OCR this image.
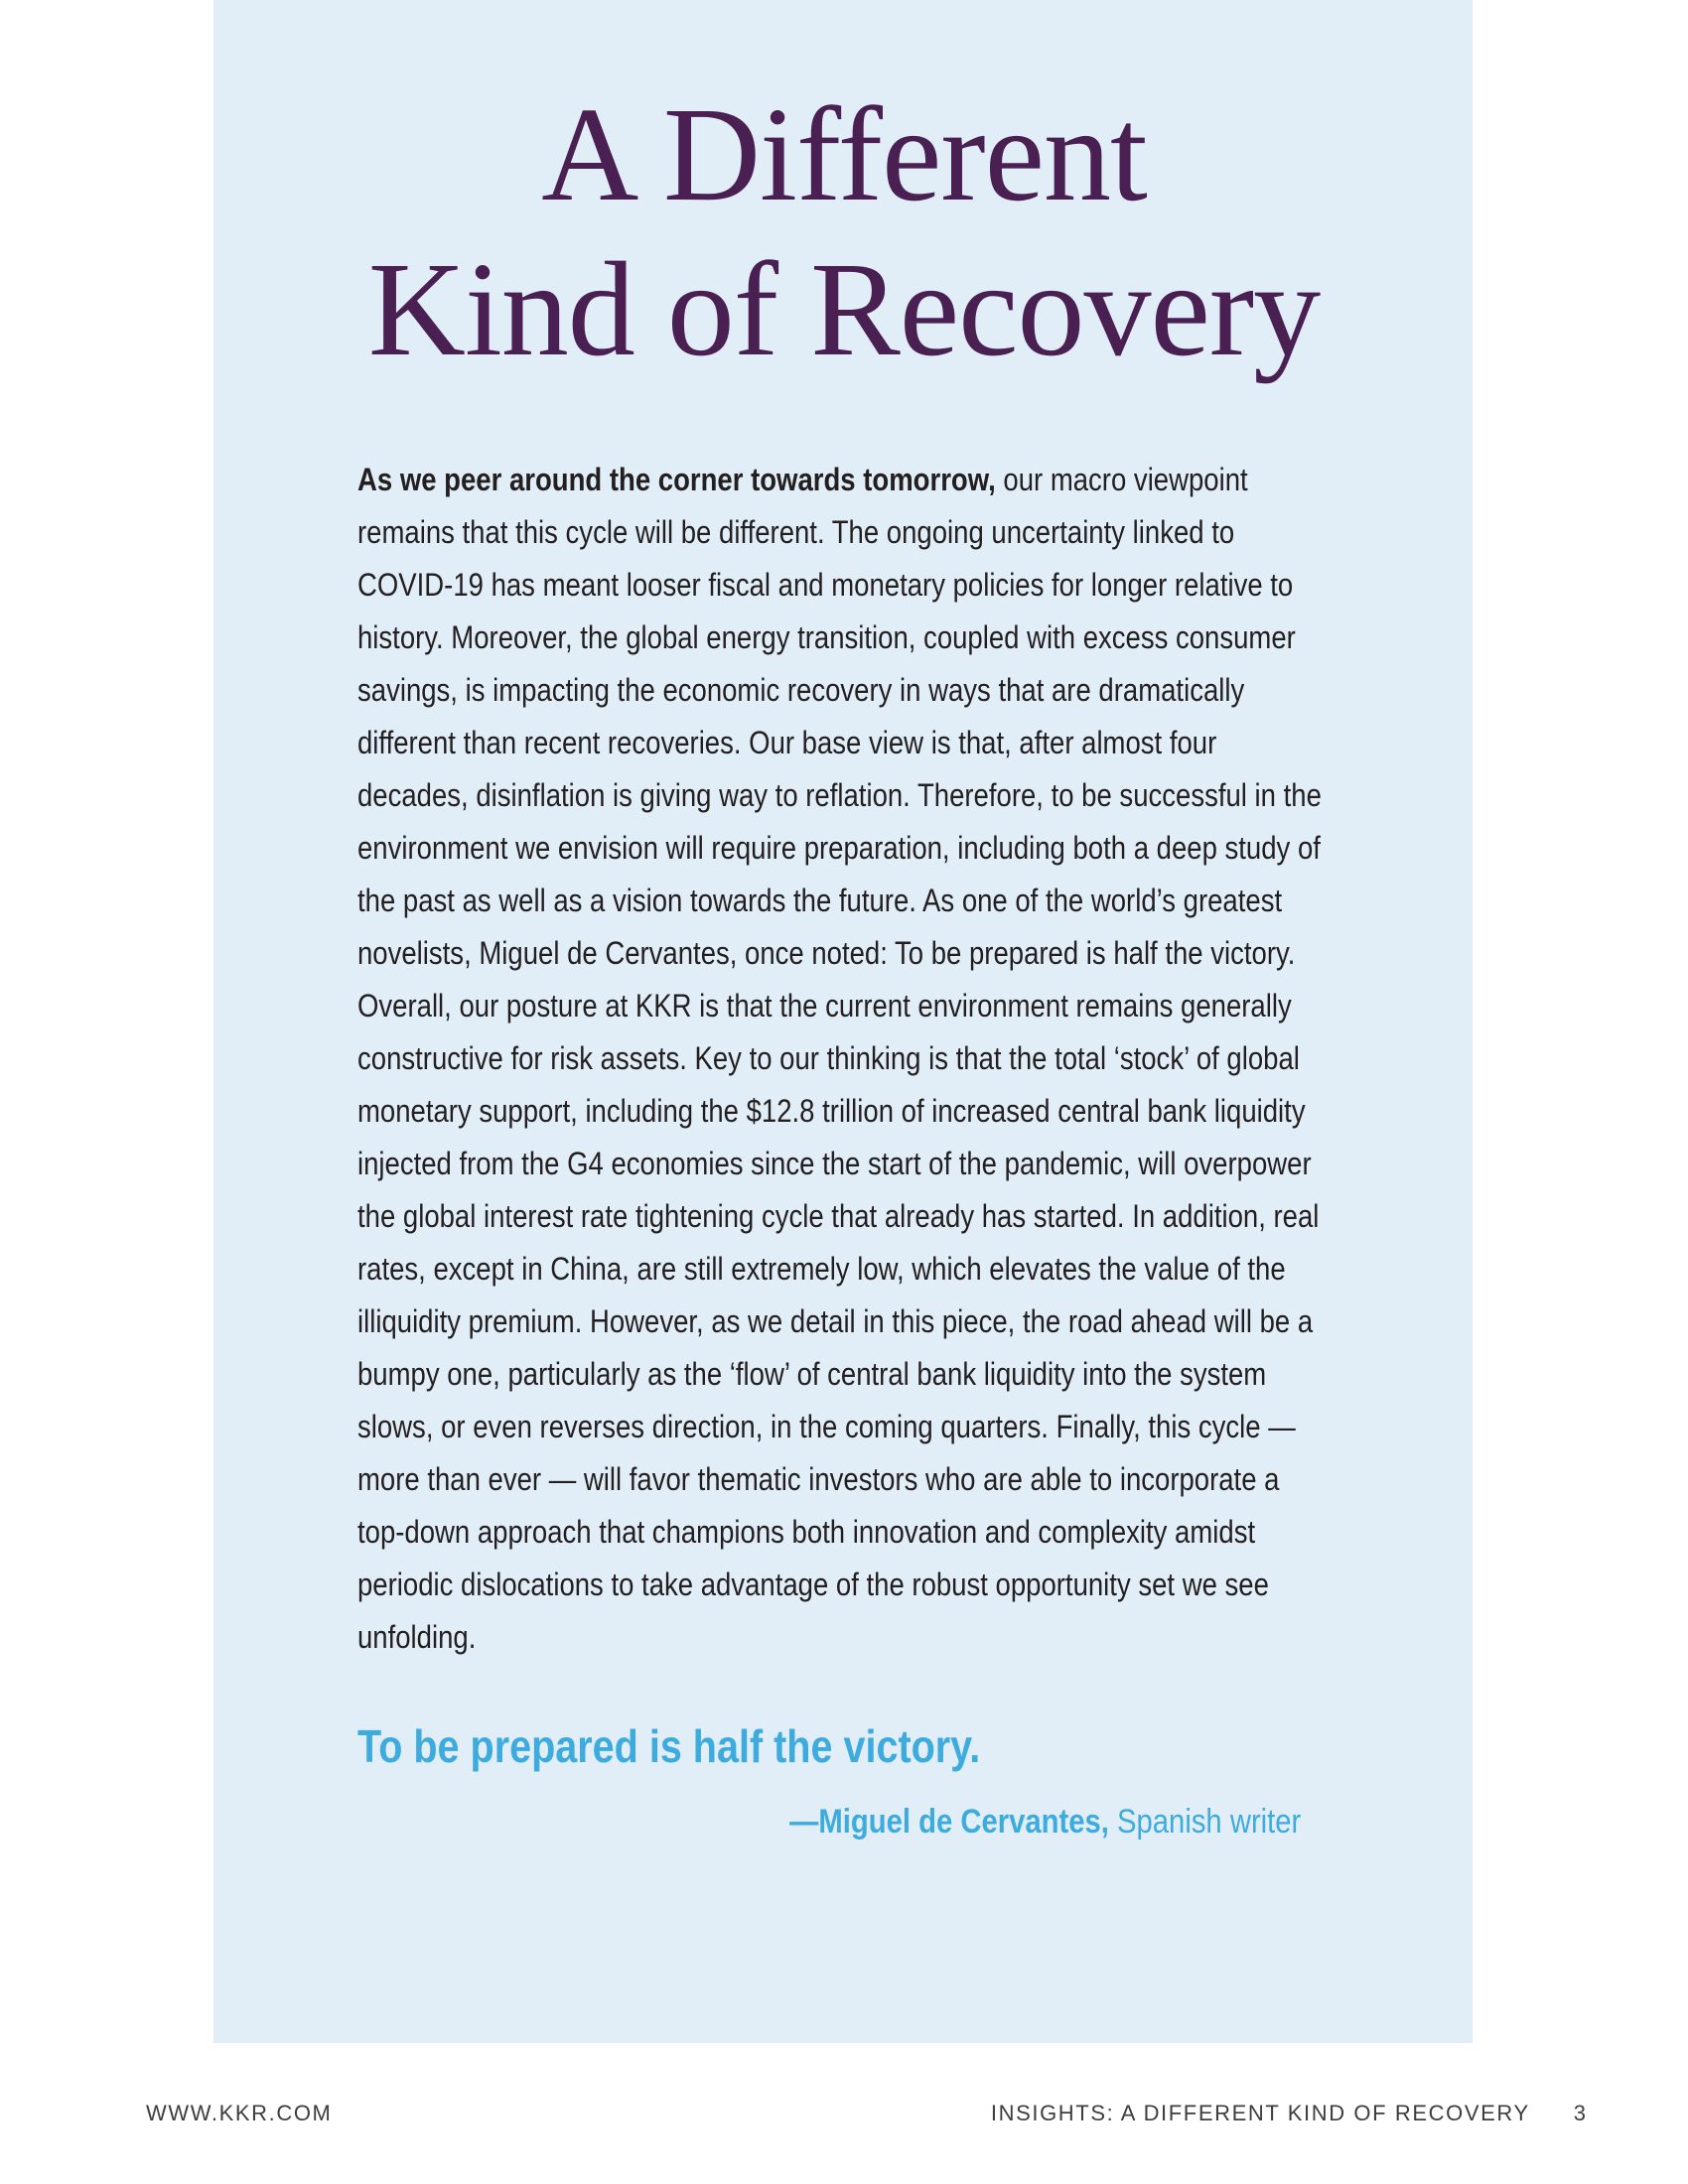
A Different
Kind of Recovery

As we peer around the corner towards tomorrow, our macro viewpoint remains that this cycle will be different. The ongoing uncertainty linked to COVID-19 has meant looser fiscal and monetary policies for longer relative to history. Moreover, the global energy transition, coupled with excess consumer savings, is impacting the economic recovery in ways that are dramatically different than recent recoveries. Our base view is that, after almost four decades, disinflation is giving way to reflation. Therefore, to be successful in the environment we envision will require preparation, including both a deep study of the past as well as a vision towards the future. As one of the world’s greatest novelists, Miguel de Cervantes, once noted: To be prepared is half the victory. Overall, our posture at KKR is that the current environment remains generally constructive for risk assets. Key to our thinking is that the total ‘stock’ of global monetary support, including the $12.8 trillion of increased central bank liquidity injected from the G4 economies since the start of the pandemic, will overpower the global interest rate tightening cycle that already has started. In addition, real rates, except in China, are still extremely low, which elevates the value of the illiquidity premium. However, as we detail in this piece, the road ahead will be a bumpy one, particularly as the ‘flow’ of central bank liquidity into the system slows, or even reverses direction, in the coming quarters. Finally, this cycle — more than ever — will favor thematic investors who are able to incorporate a top-down approach that champions both innovation and complexity amidst periodic dislocations to take advantage of the robust opportunity set we see unfolding.

To be prepared is half the victory.

—Miguel de Cervantes, Spanish writer

WWW.KKR.COM	INSIGHTS: A DIFFERENT KIND OF RECOVERY 3
